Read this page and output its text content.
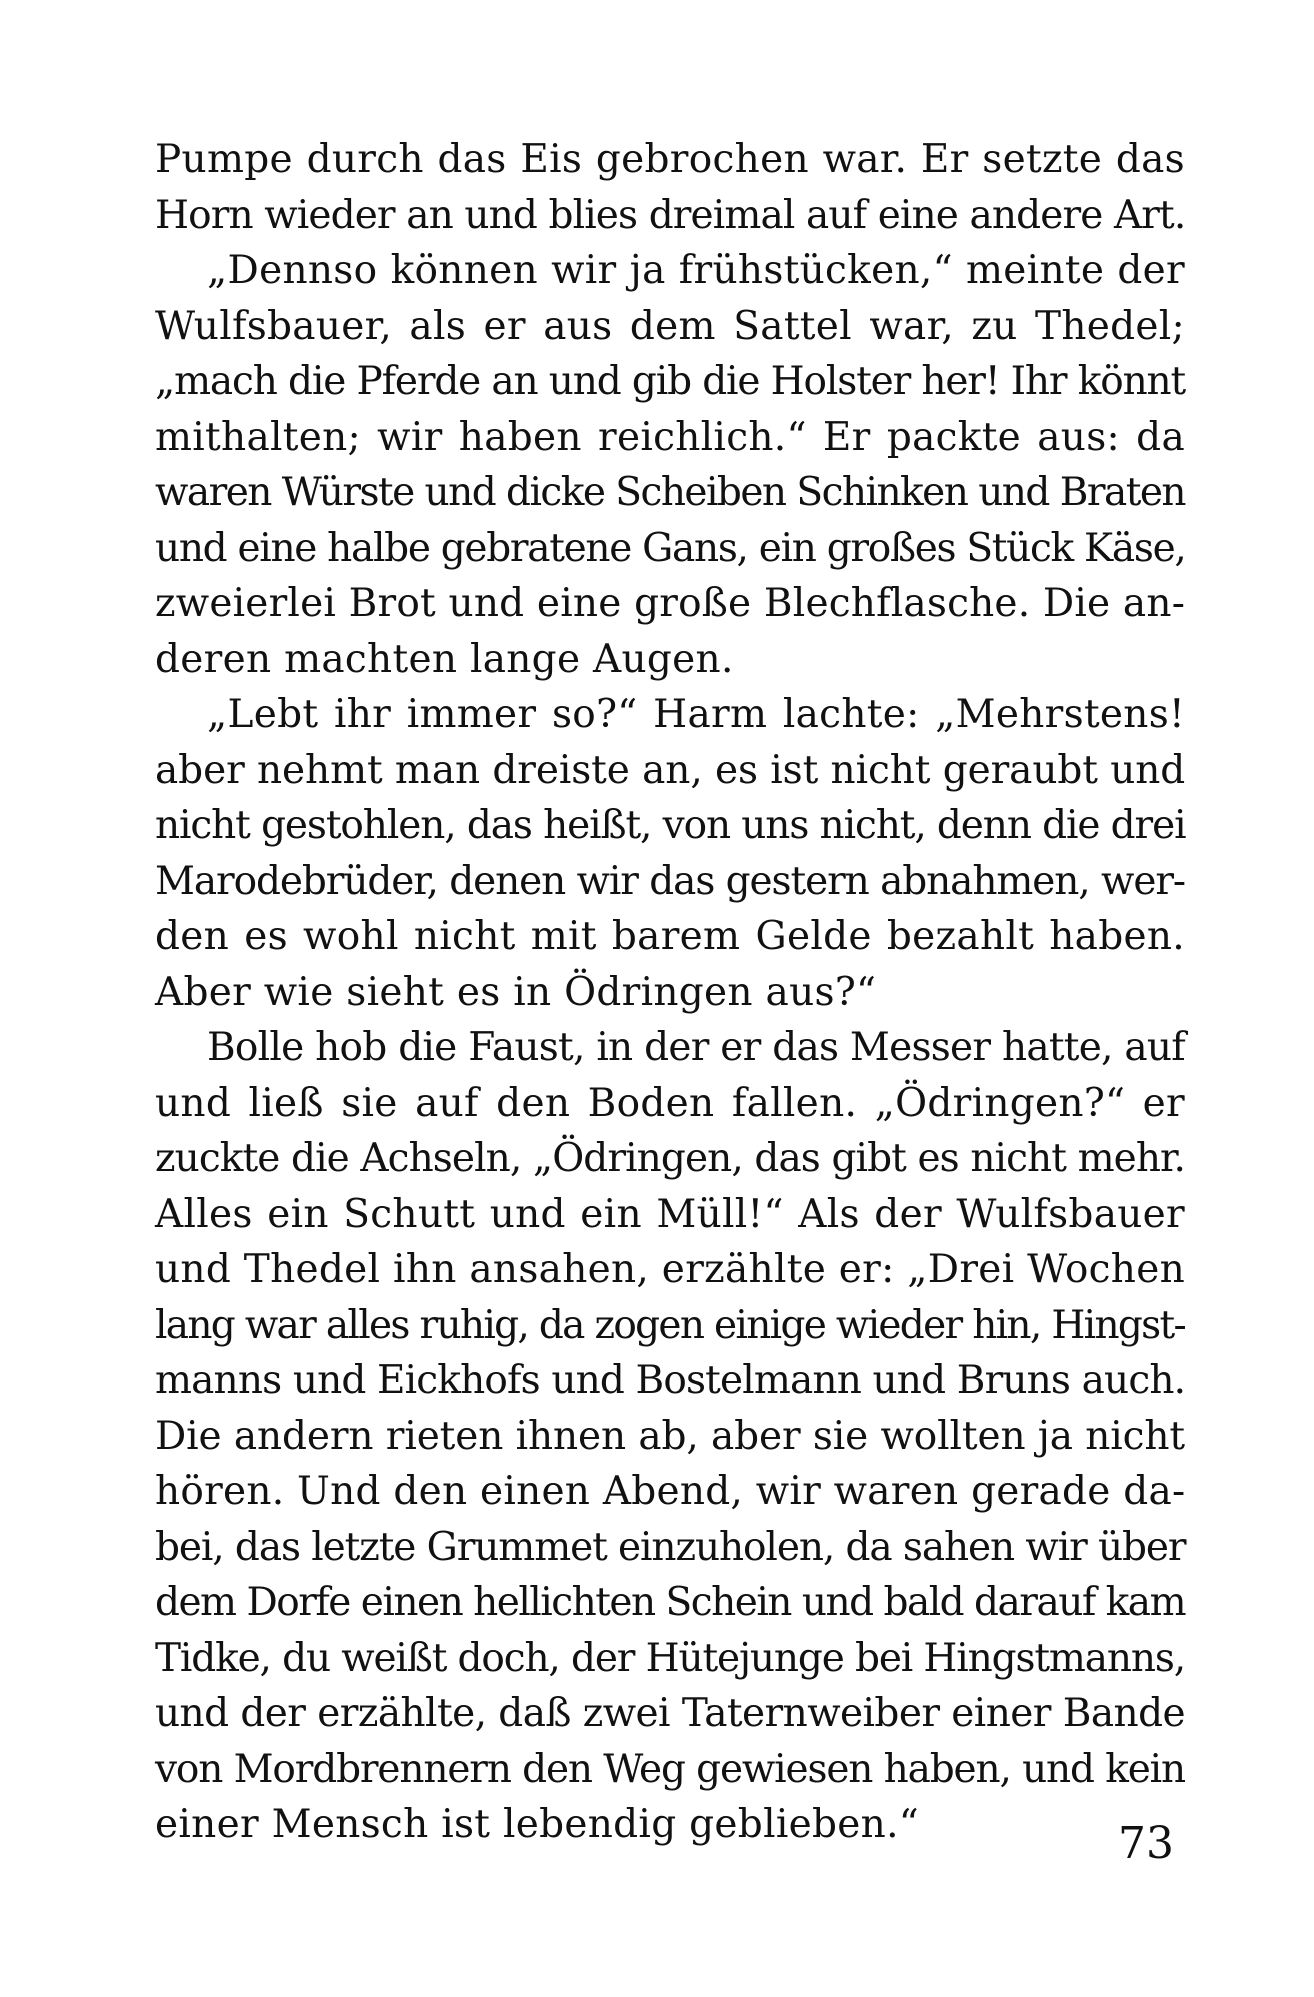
Pumpe durch das Eis gebrochen war. Er setzte das
Horn wieder an und blies dreimal auf eine andere Art.
„Dennso können wir ja frühstücken,“ meinte der
Wulfsbauer, als er aus dem Sattel war, zu Thedel;
„mach die Pferde an und gib die Holster her! Ihr könnt
mithalten; wir haben reichlich.“ Er packte aus: da
waren Würste und dicke Scheiben Schinken und Braten
und eine halbe gebratene Gans, ein großes Stück Käse,
zweierlei Brot und eine große Blechflasche. Die an-
deren machten lange Augen.
„Lebt ihr immer so?“ Harm lachte: „Mehrstens!
aber nehmt man dreiste an, es ist nicht geraubt und
nicht gestohlen, das heißt, von uns nicht, denn die drei
Marodebrüder, denen wir das gestern abnahmen, wer-
den es wohl nicht mit barem Gelde bezahlt haben.
Aber wie sieht es in Ödringen aus?“
Bolle hob die Faust, in der er das Messer hatte, auf
und ließ sie auf den Boden fallen. „Ödringen?“ er
zuckte die Achseln, „Ödringen, das gibt es nicht mehr.
Alles ein Schutt und ein Müll!“ Als der Wulfsbauer
und Thedel ihn ansahen, erzählte er: „Drei Wochen
lang war alles ruhig, da zogen einige wieder hin, Hingst-
manns und Eickhofs und Bostelmann und Bruns auch.
Die andern rieten ihnen ab, aber sie wollten ja nicht
hören. Und den einen Abend, wir waren gerade da-
bei, das letzte Grummet einzuholen, da sahen wir über
dem Dorfe einen hellichten Schein und bald darauf kam
Tidke, du weißt doch, der Hütejunge bei Hingstmanns,
und der erzählte, daß zwei Taternweiber einer Bande
von Mordbrennern den Weg gewiesen haben, und kein
einer Mensch ist lebendig geblieben.“	73
